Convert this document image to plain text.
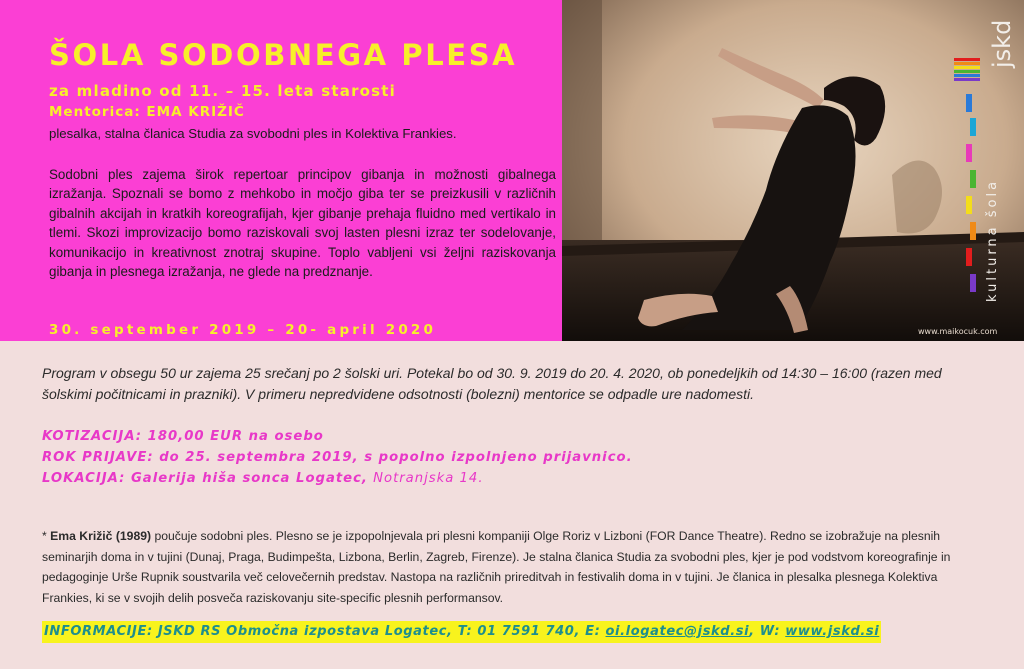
ŠOLA SODOBNEGA PLESA
za mladino od 11. – 15. leta starosti
Mentorica: EMA KRIŽIČ
plesalka, stalna članica Studia za svobodni ples in Kolektiva Frankies.

Sodobni ples zajema širok repertoar principov gibanja in možnosti gibalnega izražanja. Spoznali se bomo z mehkobo in močjo giba ter se preizkusili v različnih gibalnih akcijah in kratkih koreografijah, kjer gibanje prehaja fluidno med vertikalo in tlemi. Skozi improvizacijo bomo raziskovali svoj lasten plesni izraz ter sodelovanje, komunikacijo in kreativnost znotraj skupine. Toplo vabljeni vsi željni raziskovanja gibanja in plesnega izražanja, ne glede na predznanje.

30. september 2019 – 20- april 2020	www.maikocuk.com
kulturna šola
jskd

Program v obsegu 50 ur zajema 25 srečanj po 2 šolski uri. Potekal bo od 30. 9. 2019 do 20. 4. 2020, ob ponedeljkih od 14:30 – 16:00 (razen med šolskimi počitnicami in prazniki). V primeru nepredvidene odsotnosti (bolezni) mentorice se odpadle ure nadomesti.

KOTIZACIJA: 180,00 EUR na osebo
ROK PRIJAVE: do 25. septembra 2019, s popolno izpolnjeno prijavnico.
LOKACIJA: Galerija hiša sonca Logatec, Notranjska 14.

* Ema Križič (1989) poučuje sodobni ples. Plesno se je izpopolnjevala pri plesni kompaniji Olge Roriz v Lizboni (FOR Dance Theatre). Redno se izobražuje na plesnih seminarjih doma in v tujini (Dunaj, Praga, Budimpešta, Lizbona, Berlin, Zagreb, Firenze). Je stalna članica Studia za svobodni ples, kjer je pod vodstvom koreografinje in pedagoginje Urše Rupnik soustvarila več celovečernih predstav. Nastopa na različnih prireditvah in festivalih doma in v tujini. Je članica in plesalka plesnega Kolektiva Frankies, ki se v svojih delih posveča raziskovanju site-specific plesnih performansov.

INFORMACIJE: JSKD RS Območna izpostava Logatec, T: 01 7591 740, E: oi.logatec@jskd.si, W: www.jskd.si
